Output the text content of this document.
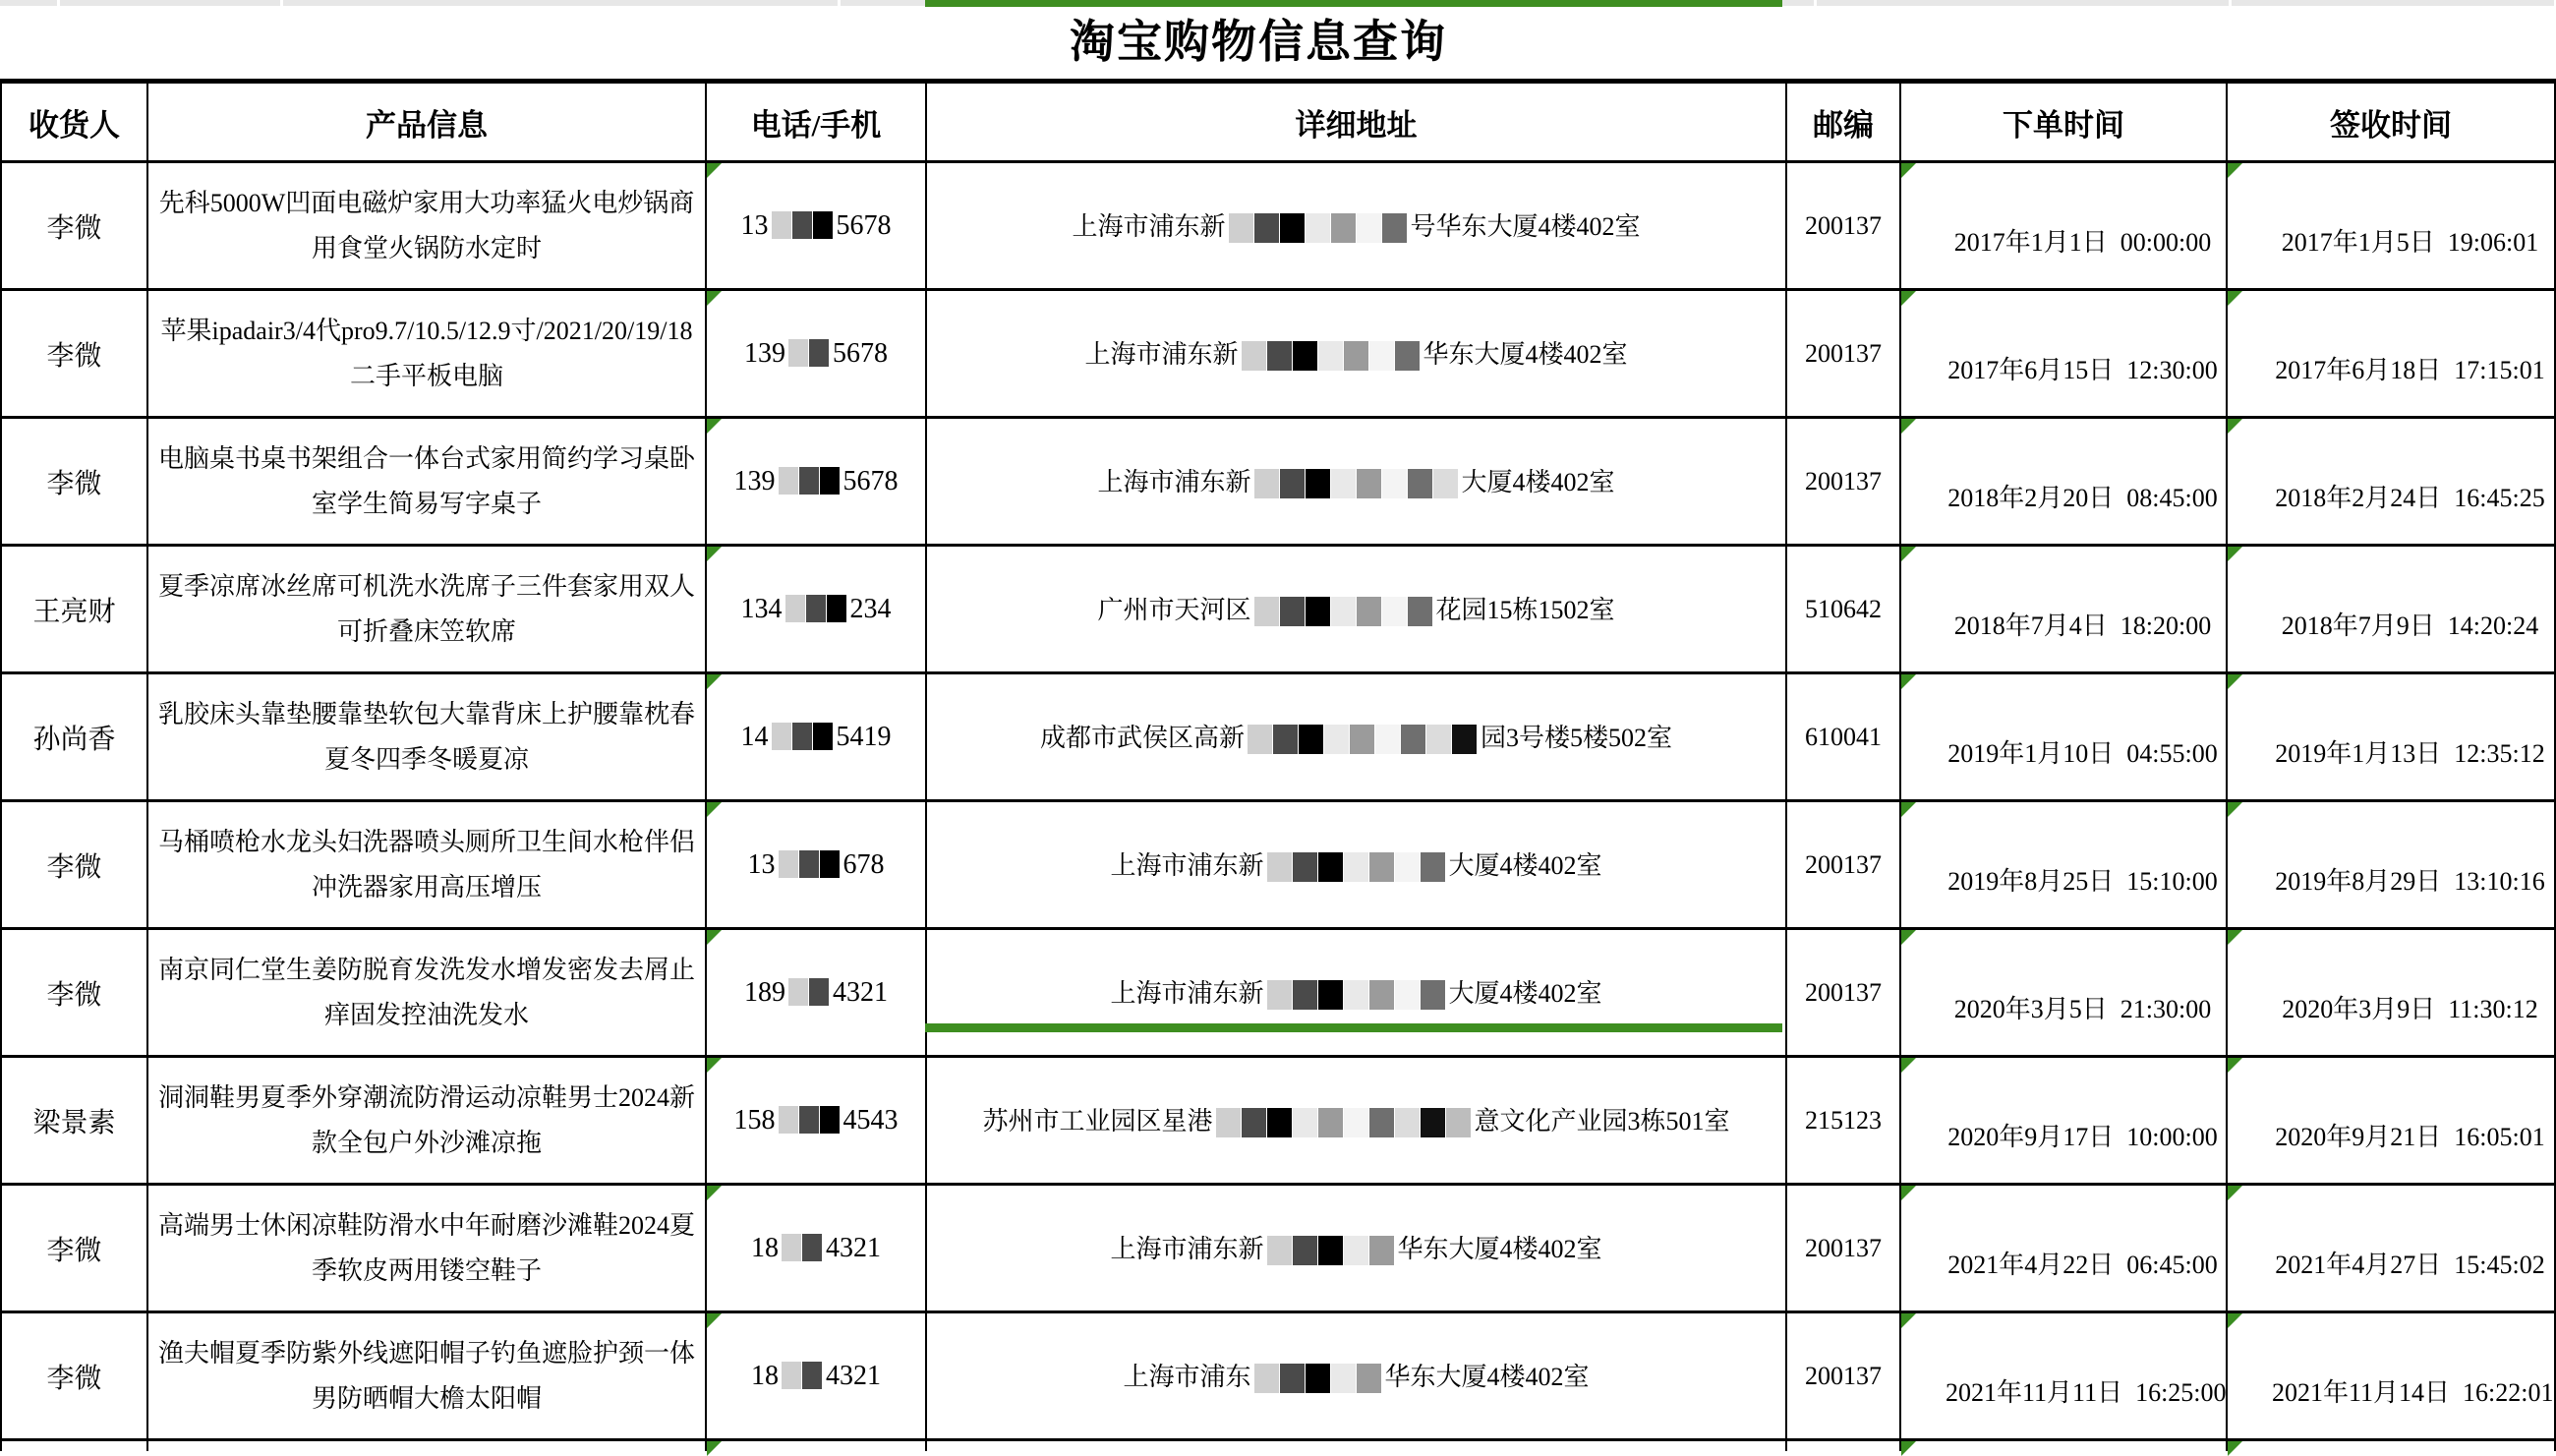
淘宝购物信息查询
收货人	产品信息	电话/手机	详细地址	邮编	下单时间	签收时间
李微	先科5000W凹面电磁炉家用大功率猛火电炒锅商用食堂火锅防水定时	13 5678	上海市浦东新 号华东大厦4楼402室	200137	2017年1月1日  00:00:00	2017年1月5日  19:06:01

李微	苹果ipadair3/4代pro9.7/10.5/12.9寸/2021/20/19/18二手平板电脑	139 5678	上海市浦东新 华东大厦4楼402室	200137	2017年6月15日  12:30:00	2017年6月18日  17:15:01

李微	电脑桌书桌书架组合一体台式家用简约学习桌卧室学生简易写字桌子	139 5678	上海市浦东新 大厦4楼402室	200137	2018年2月20日  08:45:00	2018年2月24日  16:45:25

王亮财	夏季凉席冰丝席可机洗水洗席子三件套家用双人可折叠床笠软席	134 234	广州市天河区 花园15栋1502室	510642	2018年7月4日  18:20:00	2018年7月9日  14:20:24

孙尚香	乳胶床头靠垫腰靠垫软包大靠背床上护腰靠枕春夏冬四季冬暖夏凉	14 5419	成都市武侯区高新 园3号楼5楼502室	610041	2019年1月10日  04:55:00	2019年1月13日  12:35:12

李微	马桶喷枪水龙头妇洗器喷头厕所卫生间水枪伴侣冲洗器家用高压增压	13 678	上海市浦东新 大厦4楼402室	200137	2019年8月25日  15:10:00	2019年8月29日  13:10:16

李微	南京同仁堂生姜防脱育发洗发水增发密发去屑止痒固发控油洗发水	189 4321	上海市浦东新 大厦4楼402室	200137	2020年3月5日  21:30:00	2020年3月9日  11:30:12

梁景素	洞洞鞋男夏季外穿潮流防滑运动凉鞋男士2024新款全包户外沙滩凉拖	158 4543	苏州市工业园区星港 意文化产业园3栋501室	215123	2020年9月17日  10:00:00	2020年9月21日  16:05:01

李微	高端男士休闲凉鞋防滑水中年耐磨沙滩鞋2024夏季软皮两用镂空鞋子	18 4321	上海市浦东新 华东大厦4楼402室	200137	2021年4月22日  06:45:00	2021年4月27日  15:45:02

李微	渔夫帽夏季防紫外线遮阳帽子钓鱼遮脸护颈一体男防晒帽大檐太阳帽	18 4321	上海市浦东 华东大厦4楼402室	200137	2021年11月11日  16:25:00	2021年11月14日  16:22:01
